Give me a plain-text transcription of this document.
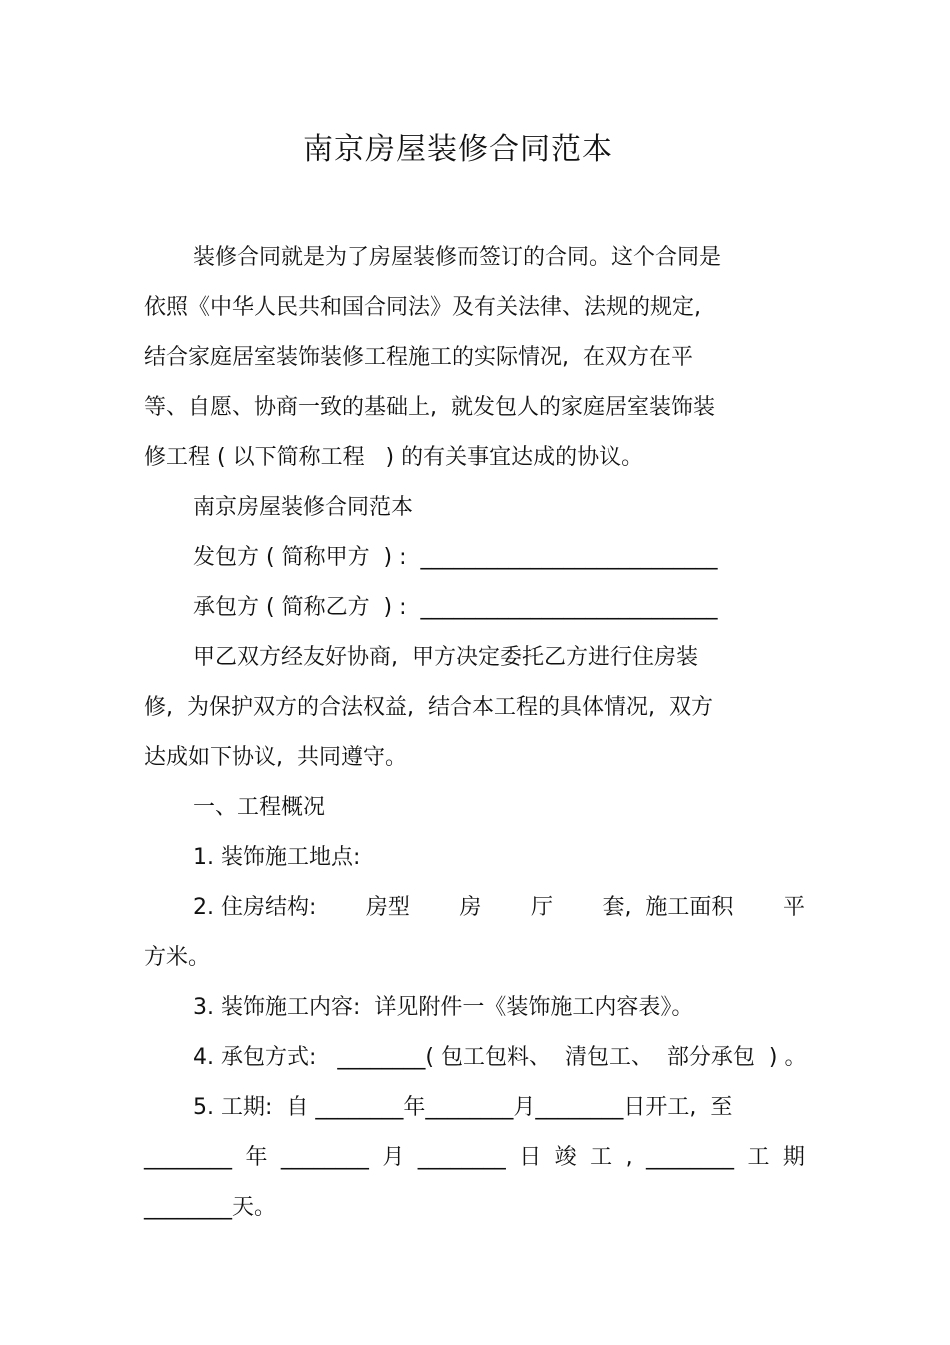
南京房屋装修合同范本
装修合同就是为了房屋装修而签订的合同。这个合同是
依照《中华人民共和国合同法》及有关法律、法规的规定,
结合家庭居室装饰装修工程施工的实际情况,  在双方在平
等、自愿、协商一致的基础上,  就发包人的家庭居室装饰装
修工程 ( 以下简称工程   ) 的有关事宜达成的协议。
南京房屋装修合同范本
发包方 ( 简称甲方  ) :  ___________________________
承包方 ( 简称乙方  ) :  ___________________________
甲乙双方经友好协商,  甲方决定委托乙方进行住房装
修,  为保护双方的合法权益,  结合本工程的具体情况,  双方
达成如下协议,  共同遵守。
一、工程概况
1. 装饰施工地点:
2. 住房结构: 房型 房 厅 套,  施工面积 平
方米。
3. 装饰施工内容:  详见附件一《装饰施工内容表》。
4. 承包方式:   ________( 包工包料、  清包工、  部分承包  ) 。
5. 工期:  自 ________年________月________日开工,  至
________ 年 ________ 月 ________ 日 竣 工 , ________ 工 期
________天。
